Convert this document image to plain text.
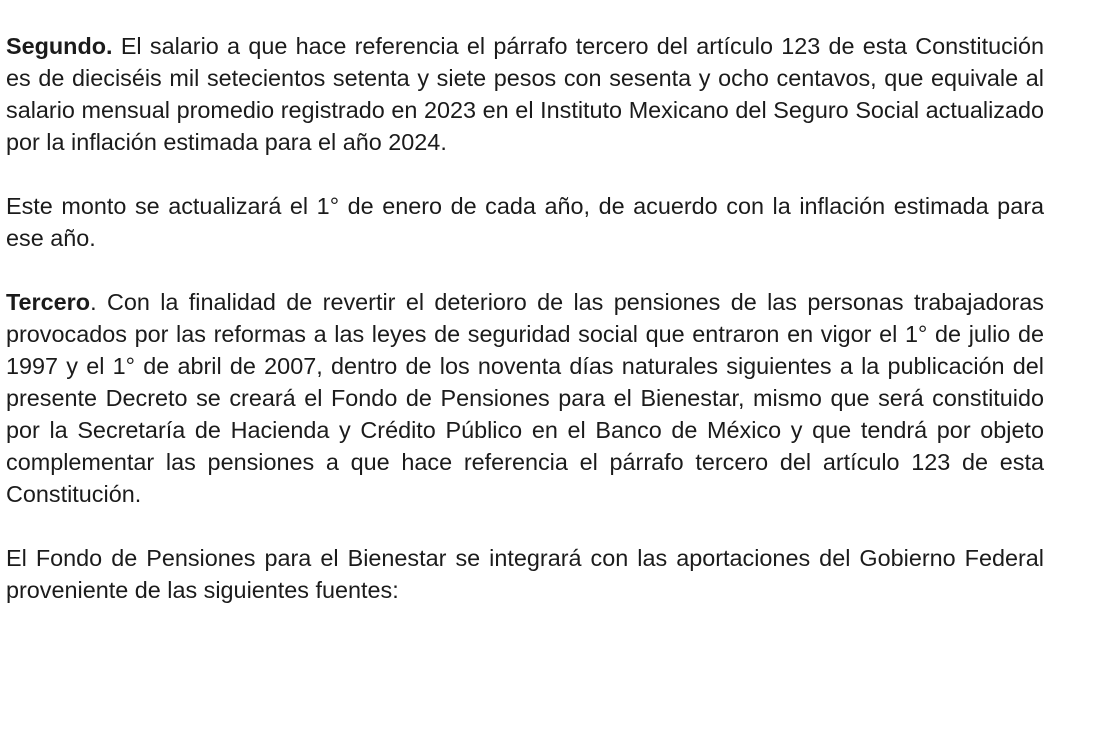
Segundo. El salario a que hace referencia el párrafo tercero del artículo 123 de esta Constitución es de dieciséis mil setecientos setenta y siete pesos con sesenta y ocho centavos, que equivale al salario mensual promedio registrado en 2023 en el Instituto Mexicano del Seguro Social actualizado por la inflación estimada para el año 2024.

Este monto se actualizará el 1° de enero de cada año, de acuerdo con la inflación estimada para ese año.

Tercero. Con la finalidad de revertir el deterioro de las pensiones de las personas trabajadoras provocados por las reformas a las leyes de seguridad social que entraron en vigor el 1° de julio de 1997 y el 1° de abril de 2007, dentro de los noventa días naturales siguientes a la publicación del presente Decreto se creará el Fondo de Pensiones para el Bienestar, mismo que será constituido por la Secretaría de Hacienda y Crédito Público en el Banco de México y que tendrá por objeto complementar las pensiones a que hace referencia el párrafo tercero del artículo 123 de esta Constitución.

El Fondo de Pensiones para el Bienestar se integrará con las aportaciones del Gobierno Federal proveniente de las siguientes fuentes:
